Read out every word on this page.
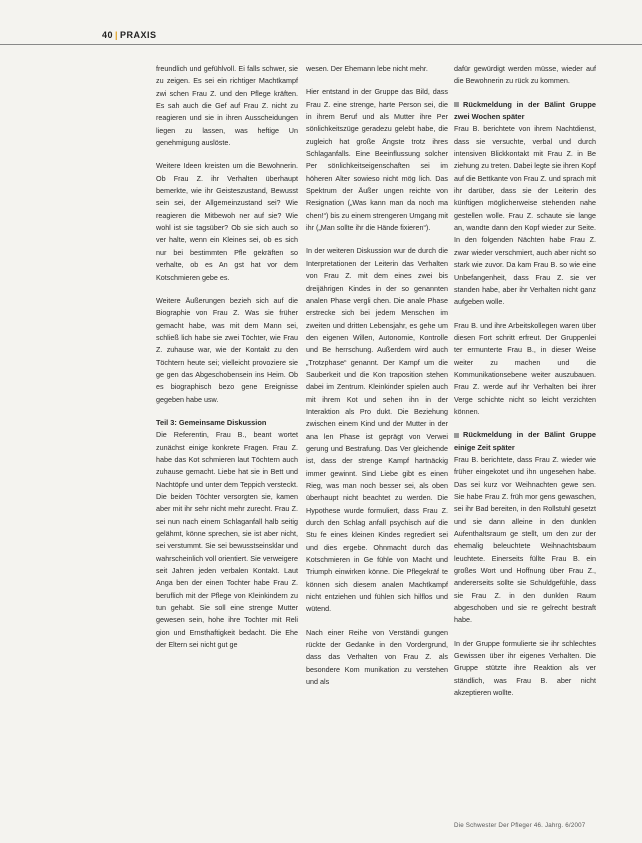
40 | PRAXIS

freundlich und gefühlvoll. Ei falls schwer, sie zu zeigen. Es sei ein richtiger Machtkampf zwi schen Frau Z. und den Pflege kräften. Es sah auch die Gef auf Frau Z. nicht zu reagieren und sie in ihren Ausscheidungen liegen zu lassen, was heftige Un genehmigung auslöste.

Weitere Ideen kreisten um die Bewohnerin. Ob Frau Z. ihr Verhalten überhaupt bemerkte, wie ihr Geisteszustand, Bewusst sein sei, der Allgemeinzustand sei? Wie reagieren die Mitbewoh ner auf sie? Wie wohl ist sie tagsüber? Ob sie sich auch so ver halte, wenn ein Kleines sei, ob es sich nur bei bestimmten Pfle gekräften so verhalte, ob es An gst hat vor dem Kotschmieren gebe es.

Weitere Äußerungen bezieh sich auf die Biographie von Frau Z. Was sie früher gemacht habe, was mit dem Mann sei, schließ lich habe sie zwei Töchter, wie Frau Z. zuhause war, wie der Kontakt zu den Töchtern heute sei; vielleicht provoziere sie ge gen das Abgeschobensein ins Heim. Ob es biographisch bezo gene Ereignisse gegeben habe usw.

Teil 3: Gemeinsame Diskussion

Die Referentin, Frau B., beant wortet zunächst einige konkrete Fragen. Frau Z. habe das Kot schmieren laut Töchtern auch zuhause gemacht. Liebe hat sie in Bett und Nachtöpfe und unter dem Teppich versteckt. Die beiden Töchter versorgten sie, kamen aber mit ihr sehr nicht mehr zurecht. Frau Z. sei nun nach einem Schlaganfall halb seitig gelähmt, könne sprechen, sie ist aber nicht, sei verstummt. Sie sei bewusstseinsklar und wahrscheinlich voll orientiert. Sie verweigere seit Jahren jeden verbalen Kontakt. Laut Anga ben der einen Tochter habe Frau Z. beruflich mit der Pflege von Kleinkindern zu tun gehabt. Sie soll eine strenge Mutter gewesen sein, hohe ihre Tochter mit Reli gion und Ernsthaftigkeit bedacht. Die Ehe der Eltern sei nicht gut ge

wesen. Der Ehemann lebe nicht mehr.

Hier entstand in der Gruppe das Bild, dass Frau Z. eine strenge, harte Person sei, die in ihrem Beruf und als Mutter ihre Per sönlichkeitszüge geradezu gelebt habe, die zugleich hat große Ängste trotz ihres Schlaganfalls. Eine Beeinflussung solcher Per sönlichkeitseigenschaften sei im höheren Alter sowieso nicht mög lich. Das Spektrum der Äußer ungen reichte von Resignation („Was kann man da noch ma chen!“) bis zu einem strengeren Umgang mit ihr („Man sollte ihr die Hände fixieren“).

In der weiteren Diskussion wur de durch die Interpretationen der Leiterin das Verhalten von Frau Z. mit dem eines zwei bis dreijährigen Kindes in der so genannten analen Phase vergli chen. Die anale Phase erstrecke sich bei jedem Menschen im zweiten und dritten Lebensjahr, es gehe um den eigenen Willen, Autonomie, Kontrolle und Be herrschung. Außerdem wird auch „Trotzphase“ genannt. Der Kampf um die Sauberkeit und die Kon traposition stehen dabei im Zentrum. Kleinkinder spielen auch mit ihrem Kot und sehen ihn in der Interaktion als Pro dukt. Die Beziehung zwischen einem Kind und der Mutter in der ana len Phase ist geprägt von Verwei gerung und Bestrafung. Das Ver gleichende ist, dass der strenge Kampf hartnäckig immer gewinnt. Sind Liebe gibt es einen Rieg, was man noch besser sei, als oben überhaupt nicht beachtet zu werden. Die Hypothese wurde formuliert, dass Frau Z. durch den Schlag anfall psychisch auf die Stu fe eines kleinen Kindes regrediert sei und dies ergebe. Ohnmacht durch das Kotschmieren in Ge fühle von Macht und Triumph einwirken könne. Die Pflegekräf te können sich diesem analen Machtkampf nicht entziehen und fühlen sich hilflos und wütend.

Nach einer Reihe von Verständi gungen rückte der Gedanke in den Vordergrund, dass das Verhalten von Frau Z. als besondere Kom munikation zu verstehen und als

dafür gewürdigt werden müsse, wieder auf die Bewohnerin zu rück zu kommen.

Rückmeldung in der Bälint Gruppe zwei Wochen später

Frau B. berichtete von ihrem Nachtdienst, dass sie versuchte, verbal und durch intensiven Blickkontakt mit Frau Z. in Be ziehung zu treten. Dabei legte sie ihren Kopf auf die Bettkante von Frau Z. und sprach mit ihr darüber, dass sie der Leiterin des künftigen möglicherweise stehenden nahe gestellen wolle. Frau Z. schaute sie lange an, wandte dann den Kopf wieder zur Seite. In den folgenden Nächten habe Frau Z. zwar wieder verschmiert, auch aber nicht so stark wie zuvor. Da kam Frau B. so wie eine Unbefangenheit, dass Frau Z. sie ver standen habe, aber ihr Verhalten nicht ganz aufgeben wolle.

Frau B. und ihre Arbeitskollegen waren über diesen Fort schritt erfreut. Der Gruppenlei ter ermunterte Frau B., in dieser Weise weiter zu machen und die Kommunikationsebene weiter auszubauen. Frau Z. werde auf ihr Verhalten bei ihrer Verge schichte nicht so leicht verzichten können.

Rückmeldung in der Bälint Gruppe einige Zeit später

Frau B. berichtete, dass Frau Z. wieder wie früher eingekotet und ihn ungesehen habe. Das sei kurz vor Weihnachten gewe sen. Sie habe Frau Z. früh mor gens gewaschen, sei ihr Bad bereiten, in den Rollstuhl gesetzt und sie dann alleine in den dunklen Aufenthaltsraum ge stellt, um den zur der ehemalig beleuchtete Weihnachtsbaum leuchtete. Einerseits füllte Frau B. ein großes Wort und Hoffnung über Frau Z., andererseits sollte sie Schuldgefühle, dass sie Frau Z. in den dunklen Raum abgeschoben und sie re gelrecht bestraft habe.

In der Gruppe formulierte sie ihr schlechtes Gewissen über ihr eigenes Verhalten. Die Gruppe stützte ihre Reaktion als ver ständlich, was Frau B. aber nicht akzeptieren wollte.

Die Schwester Der Pfleger 46. Jahrg. 6/2007
